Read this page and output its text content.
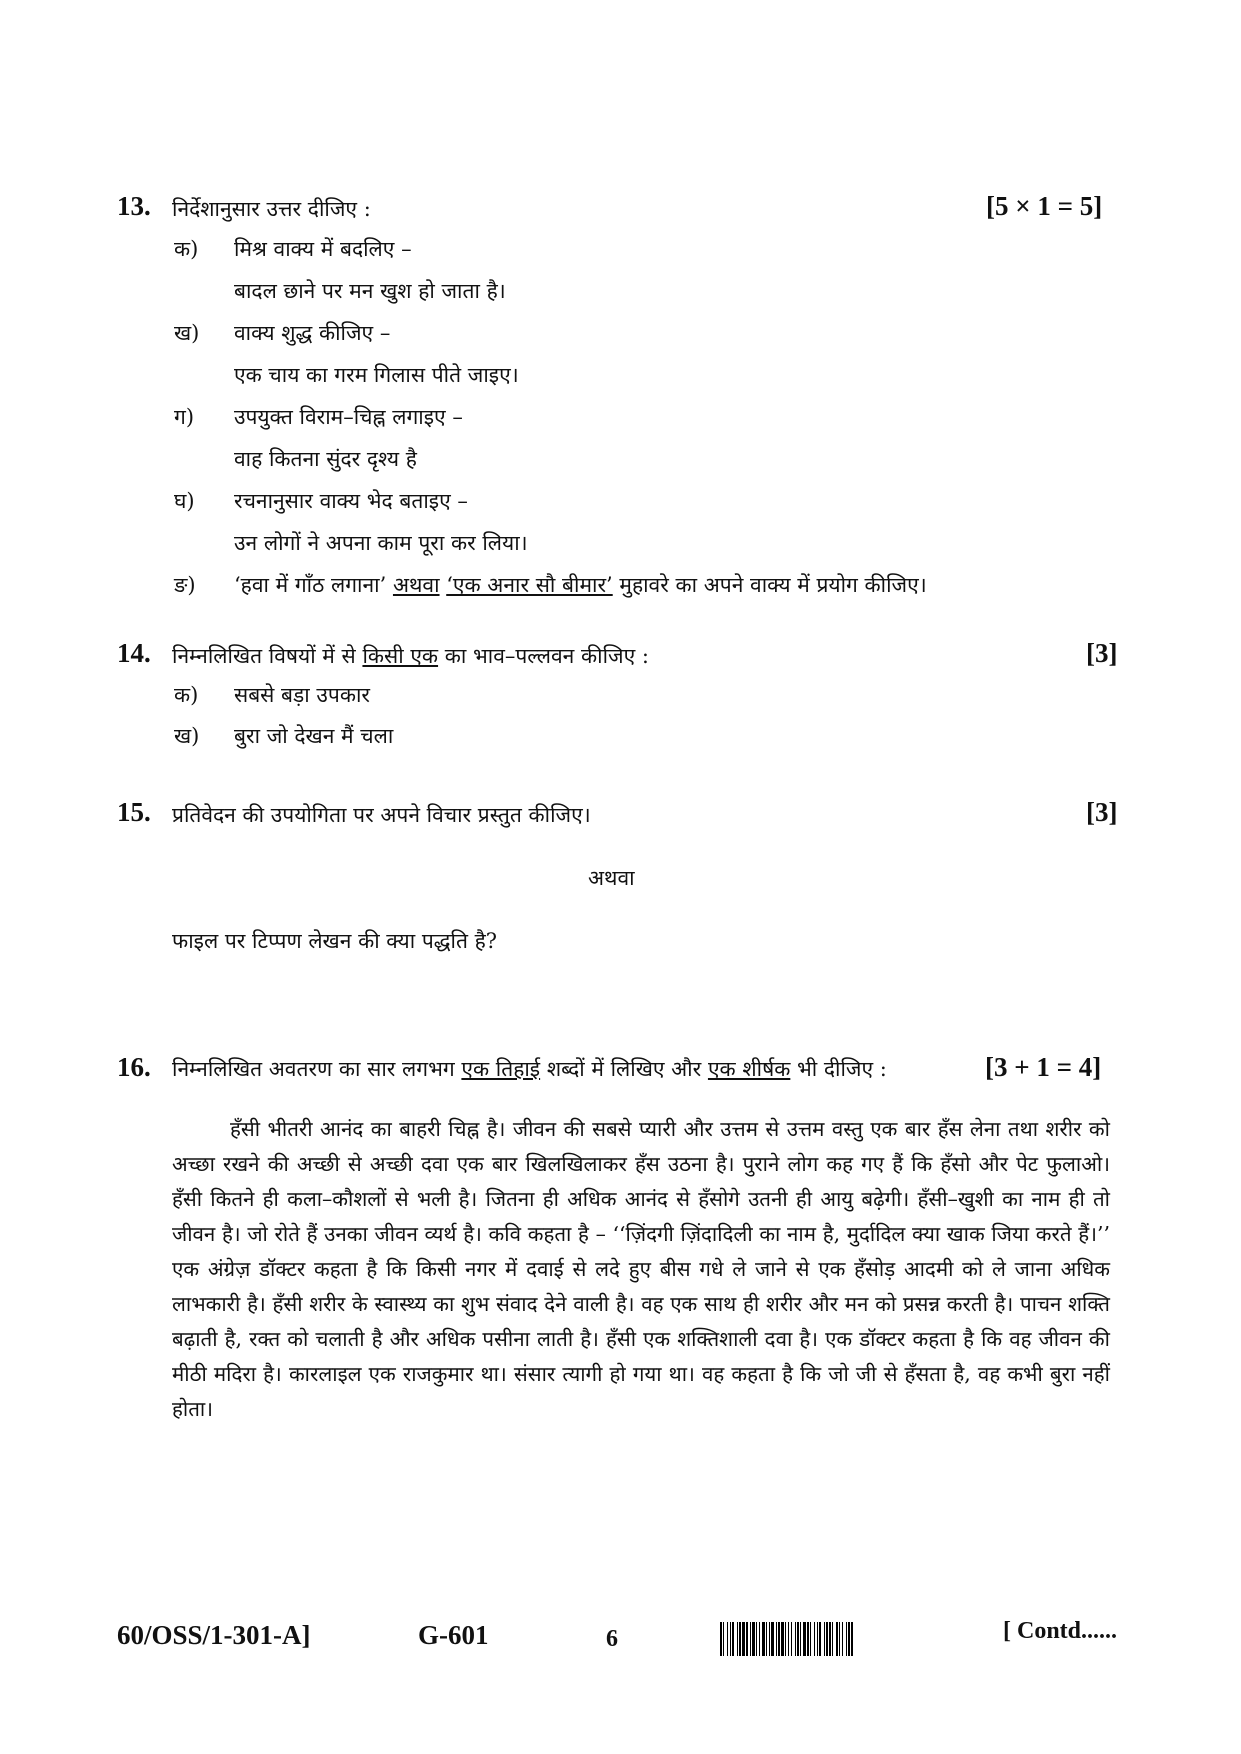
13. निर्देशानुसार उत्तर दीजिए :	[5 × 1 = 5]
क) मिश्र वाक्य में बदलिए –
बादल छाने पर मन खुश हो जाता है।
ख) वाक्य शुद्ध कीजिए –
एक चाय का गरम गिलास पीते जाइए।
ग) उपयुक्त विराम–चिह्न लगाइए –
वाह कितना सुंदर दृश्य है
घ) रचनानुसार वाक्य भेद बताइए –
उन लोगों ने अपना काम पूरा कर लिया।
ङ) ‘हवा में गाँठ लगाना’ अथवा ‘एक अनार सौ बीमार’ मुहावरे का अपने वाक्य में प्रयोग कीजिए।
14. निम्नलिखित विषयों में से किसी एक का भाव–पल्लवन कीजिए :	[3]
क) सबसे बड़ा उपकार
ख) बुरा जो देखन मैं चला
15. प्रतिवेदन की उपयोगिता पर अपने विचार प्रस्तुत कीजिए।	[3]
अथवा
फाइल पर टिप्पण लेखन की क्या पद्धति है?
16. निम्नलिखित अवतरण का सार लगभग एक तिहाई शब्दों में लिखिए और एक शीर्षक भी दीजिए :	[3 + 1 = 4]
हँसी भीतरी आनंद का बाहरी चिह्न है। जीवन की सबसे प्यारी और उत्तम से उत्तम वस्तु एक बार हँस लेना तथा शरीर को अच्छा रखने की अच्छी से अच्छी दवा एक बार खिलखिलाकर हँस उठना है। पुराने लोग कह गए हैं कि हँसो और पेट फुलाओ। हँसी कितने ही कला–कौशलों से भली है। जितना ही अधिक आनंद से हँसोगे उतनी ही आयु बढ़ेगी। हँसी–खुशी का नाम ही तो जीवन है। जो रोते हैं उनका जीवन व्यर्थ है। कवि कहता है – ‘‘ज़िंदगी ज़िंदादिली का नाम है, मुर्दादिल क्या खाक जिया करते हैं।’’ एक अंग्रेज़ डॉक्टर कहता है कि किसी नगर में दवाई से लदे हुए बीस गधे ले जाने से एक हँसोड़ आदमी को ले जाना अधिक लाभकारी है। हँसी शरीर के स्वास्थ्य का शुभ संवाद देने वाली है। वह एक साथ ही शरीर और मन को प्रसन्न करती है। पाचन शक्ति बढ़ाती है, रक्त को चलाती है और अधिक पसीना लाती है। हँसी एक शक्तिशाली दवा है। एक डॉक्टर कहता है कि वह जीवन की मीठी मदिरा है। कारलाइल एक राजकुमार था। संसार त्यागी हो गया था। वह कहता है कि जो जी से हँसता है, वह कभी बुरा नहीं होता।
60/OSS/1-301-A]	G-601	6	[ Contd......
